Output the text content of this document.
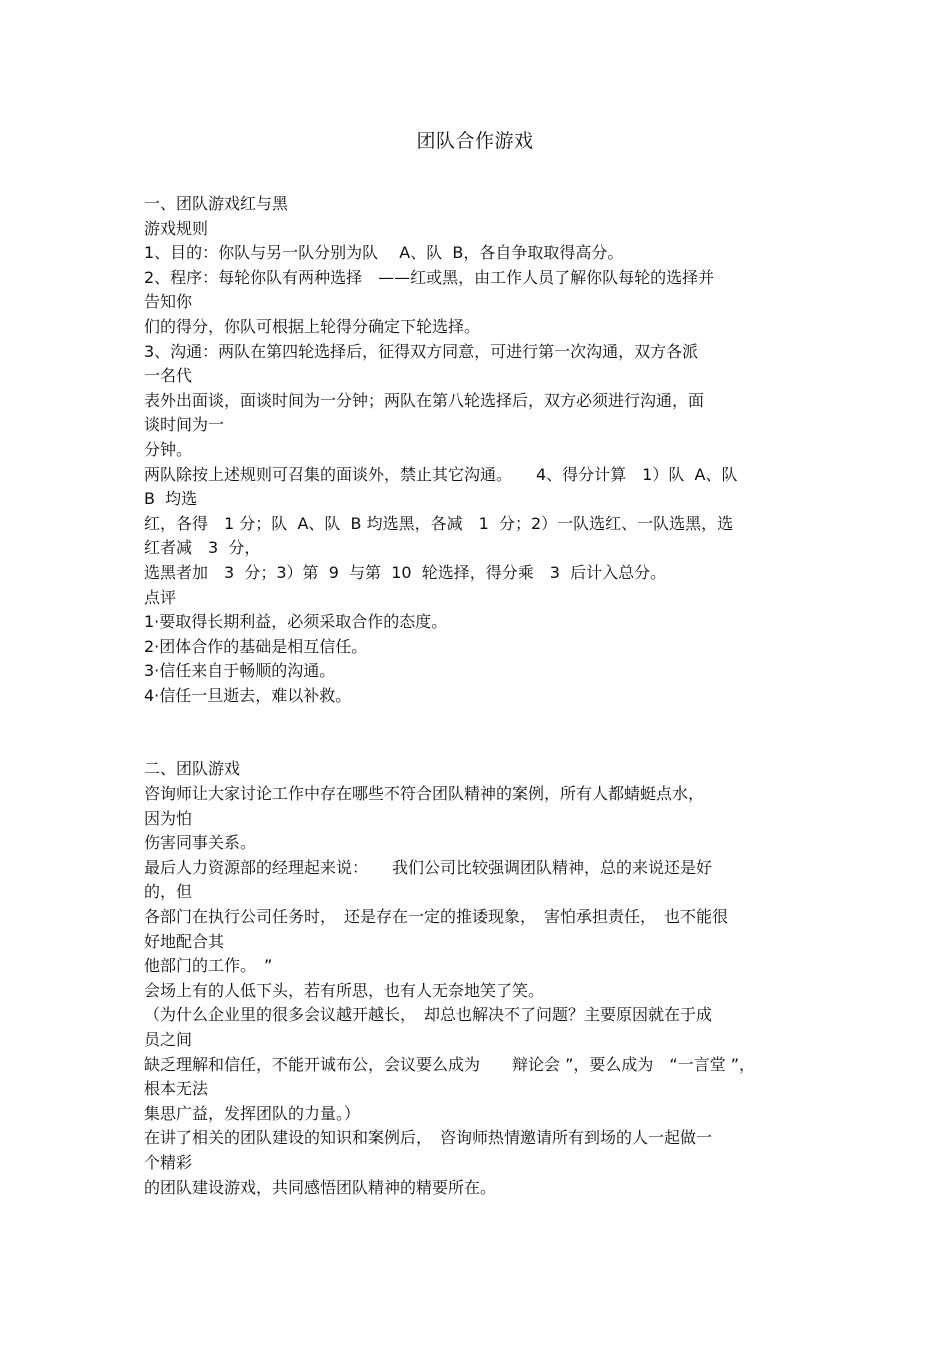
团队合作游戏
一、团队游戏红与黑
游戏规则
1、目的：你队与另一队分别为队　 A、队  B，各自争取取得高分。
2、程序：每轮你队有两种选择　——红或黑，由工作人员了解你队每轮的选择并
告知你
们的得分，你队可根据上轮得分确定下轮选择。
3、沟通：两队在第四轮选择后，征得双方同意，可进行第一次沟通，双方各派
一名代
表外出面谈，面谈时间为一分钟；两队在第八轮选择后，双方必须进行沟通，面
谈时间为一
分钟。
两队除按上述规则可召集的面谈外，禁止其它沟通。　　4、得分计算　1）队  A、队
B  均选
红，各得　1 分；队  A、队  B 均选黑，各减　1  分；2）一队选红、一队选黑，选
红者减　3  分，
选黑者加　3  分；3）第  9  与第  10  轮选择，得分乘　3  后计入总分。
点评
1·要取得长期利益，必须采取合作的态度。
2·团体合作的基础是相互信任。
3·信任来自于畅顺的沟通。
4·信任一旦逝去，难以补救。
二、团队游戏
咨询师让大家讨论工作中存在哪些不符合团队精神的案例，所有人都蜻蜓点水，
因为怕
伤害同事关系。
最后人力资源部的经理起来说：　　我们公司比较强调团队精神，总的来说还是好
的，但
各部门在执行公司任务时，　还是存在一定的推诿现象，　害怕承担责任，　也不能很
好地配合其
他部门的工作。　”
会场上有的人低下头，若有所思，也有人无奈地笑了笑。
（为什么企业里的很多会议越开越长，　却总也解决不了问题？主要原因就在于成
员之间
缺乏理解和信任，不能开诚布公，会议要么成为　　辩论会 ”，要么成为　“一言堂 ”，
根本无法
集思广益，发挥团队的力量。）
在讲了相关的团队建设的知识和案例后，　咨询师热情邀请所有到场的人一起做一
个精彩
的团队建设游戏，共同感悟团队精神的精要所在。
